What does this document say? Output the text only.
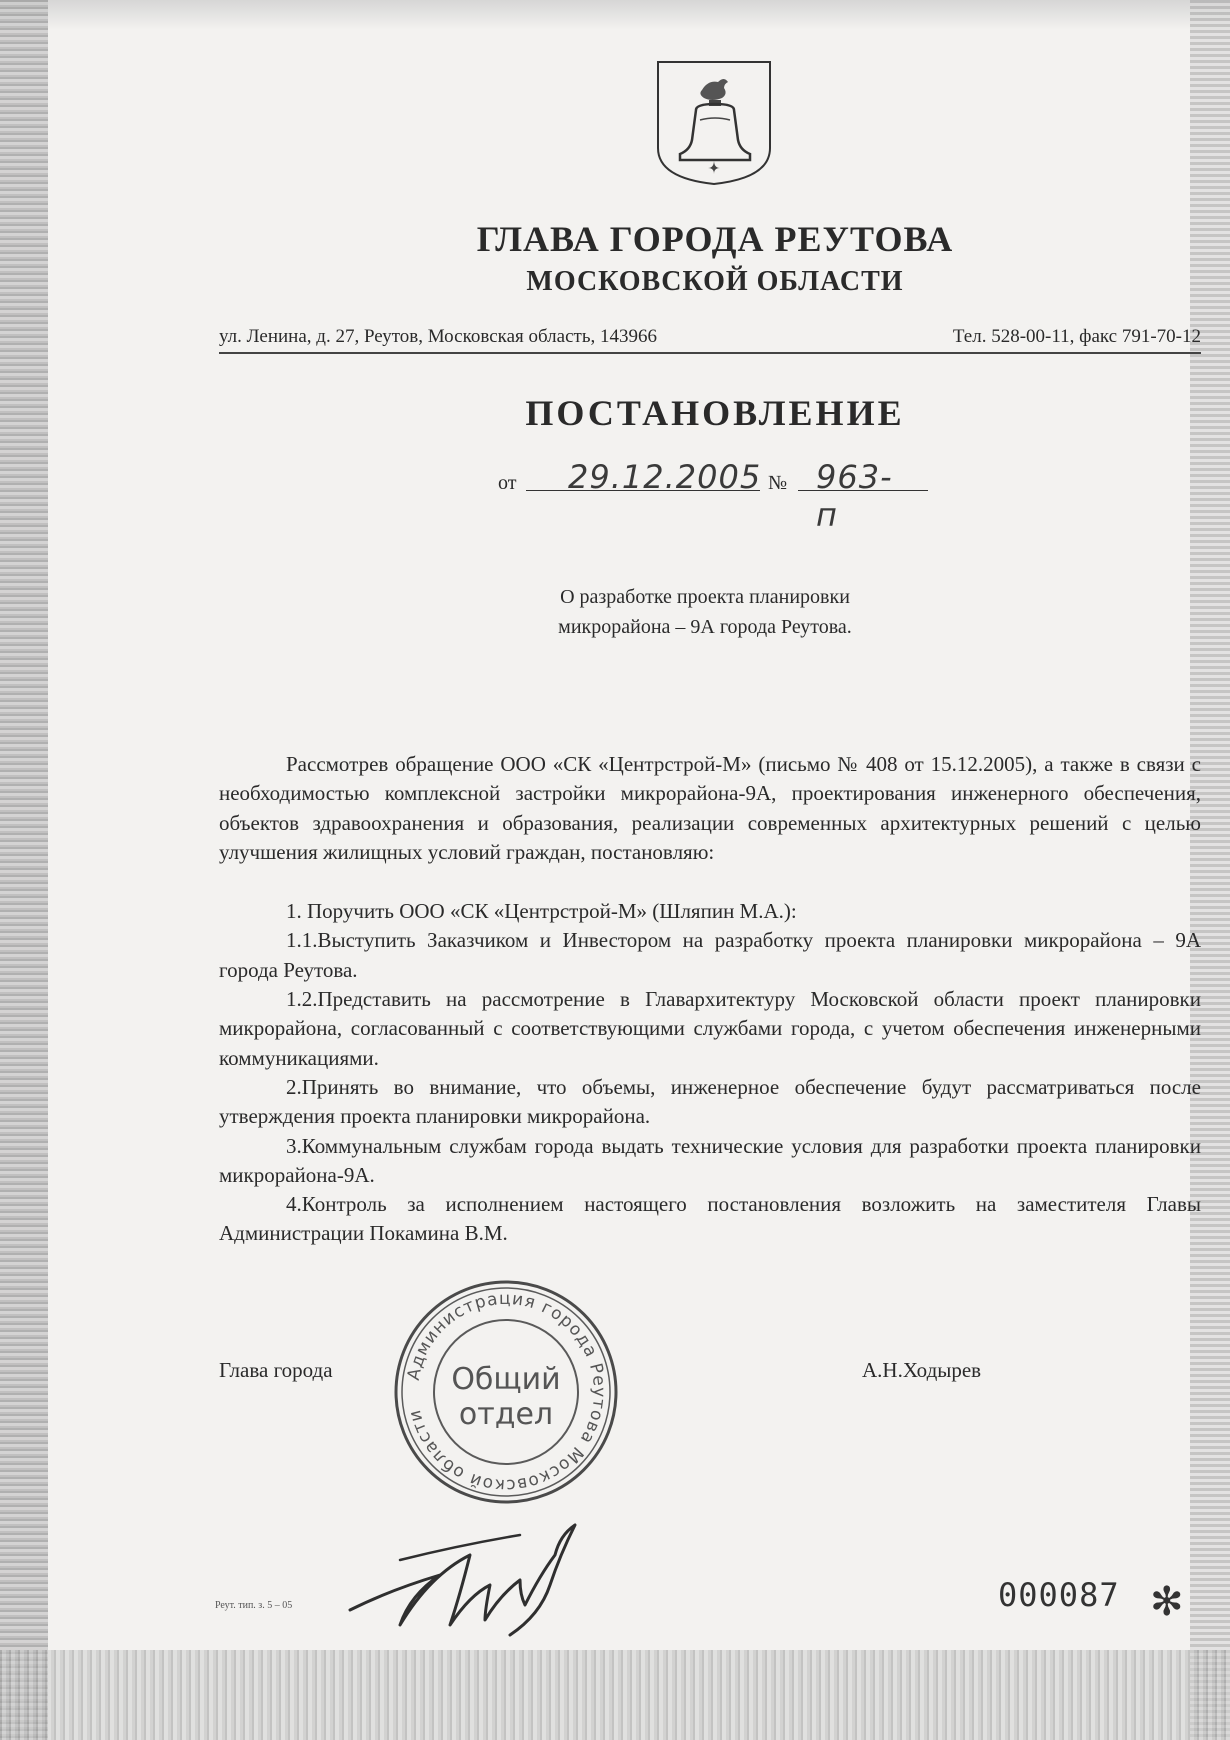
ГЛАВА ГОРОДА РЕУТОВА
МОСКОВСКОЙ ОБЛАСТИ
ул. Ленина, д. 27, Реутов, Московская область, 143966	Тел. 528-00-11, факс 791-70-12
ПОСТАНОВЛЕНИЕ
от 29.12.2005 № 963-п
О разработке проекта планировки
микрорайона – 9А города Реутова.

Рассмотрев обращение ООО «СК «Центрстрой-М» (письмо № 408 от 15.12.2005), а также в связи с необходимостью комплексной застройки микрорайона-9А, проектирования инженерного обеспечения, объектов здравоохранения и образования, реализации современных архитектурных решений с целью улучшения жилищных условий граждан, постановляю:

1. Поручить ООО «СК «Центрстрой-М» (Шляпин М.А.):

1.1.Выступить Заказчиком и Инвестором на разработку проекта планировки микрорайона – 9А города Реутова.

1.2.Представить на рассмотрение в Главархитектуру Московской области проект планировки микрорайона, согласованный с соответствующими службами города, с учетом обеспечения инженерными коммуникациями.

2.Принять во внимание, что объемы, инженерное обеспечение будут рассматриваться после утверждения проекта планировки микрорайона.

3.Коммунальным службам города выдать технические условия для разработки проекта планировки микрорайона-9А.

4.Контроль за исполнением настоящего постановления возложить на заместителя Главы Администрации Покамина В.М.

Глава города	А.Н.Ходырев
Администрация города Реутова Московской области
Общий
отдел
Реут. тип. з. 5 – 05	000087 ✻
